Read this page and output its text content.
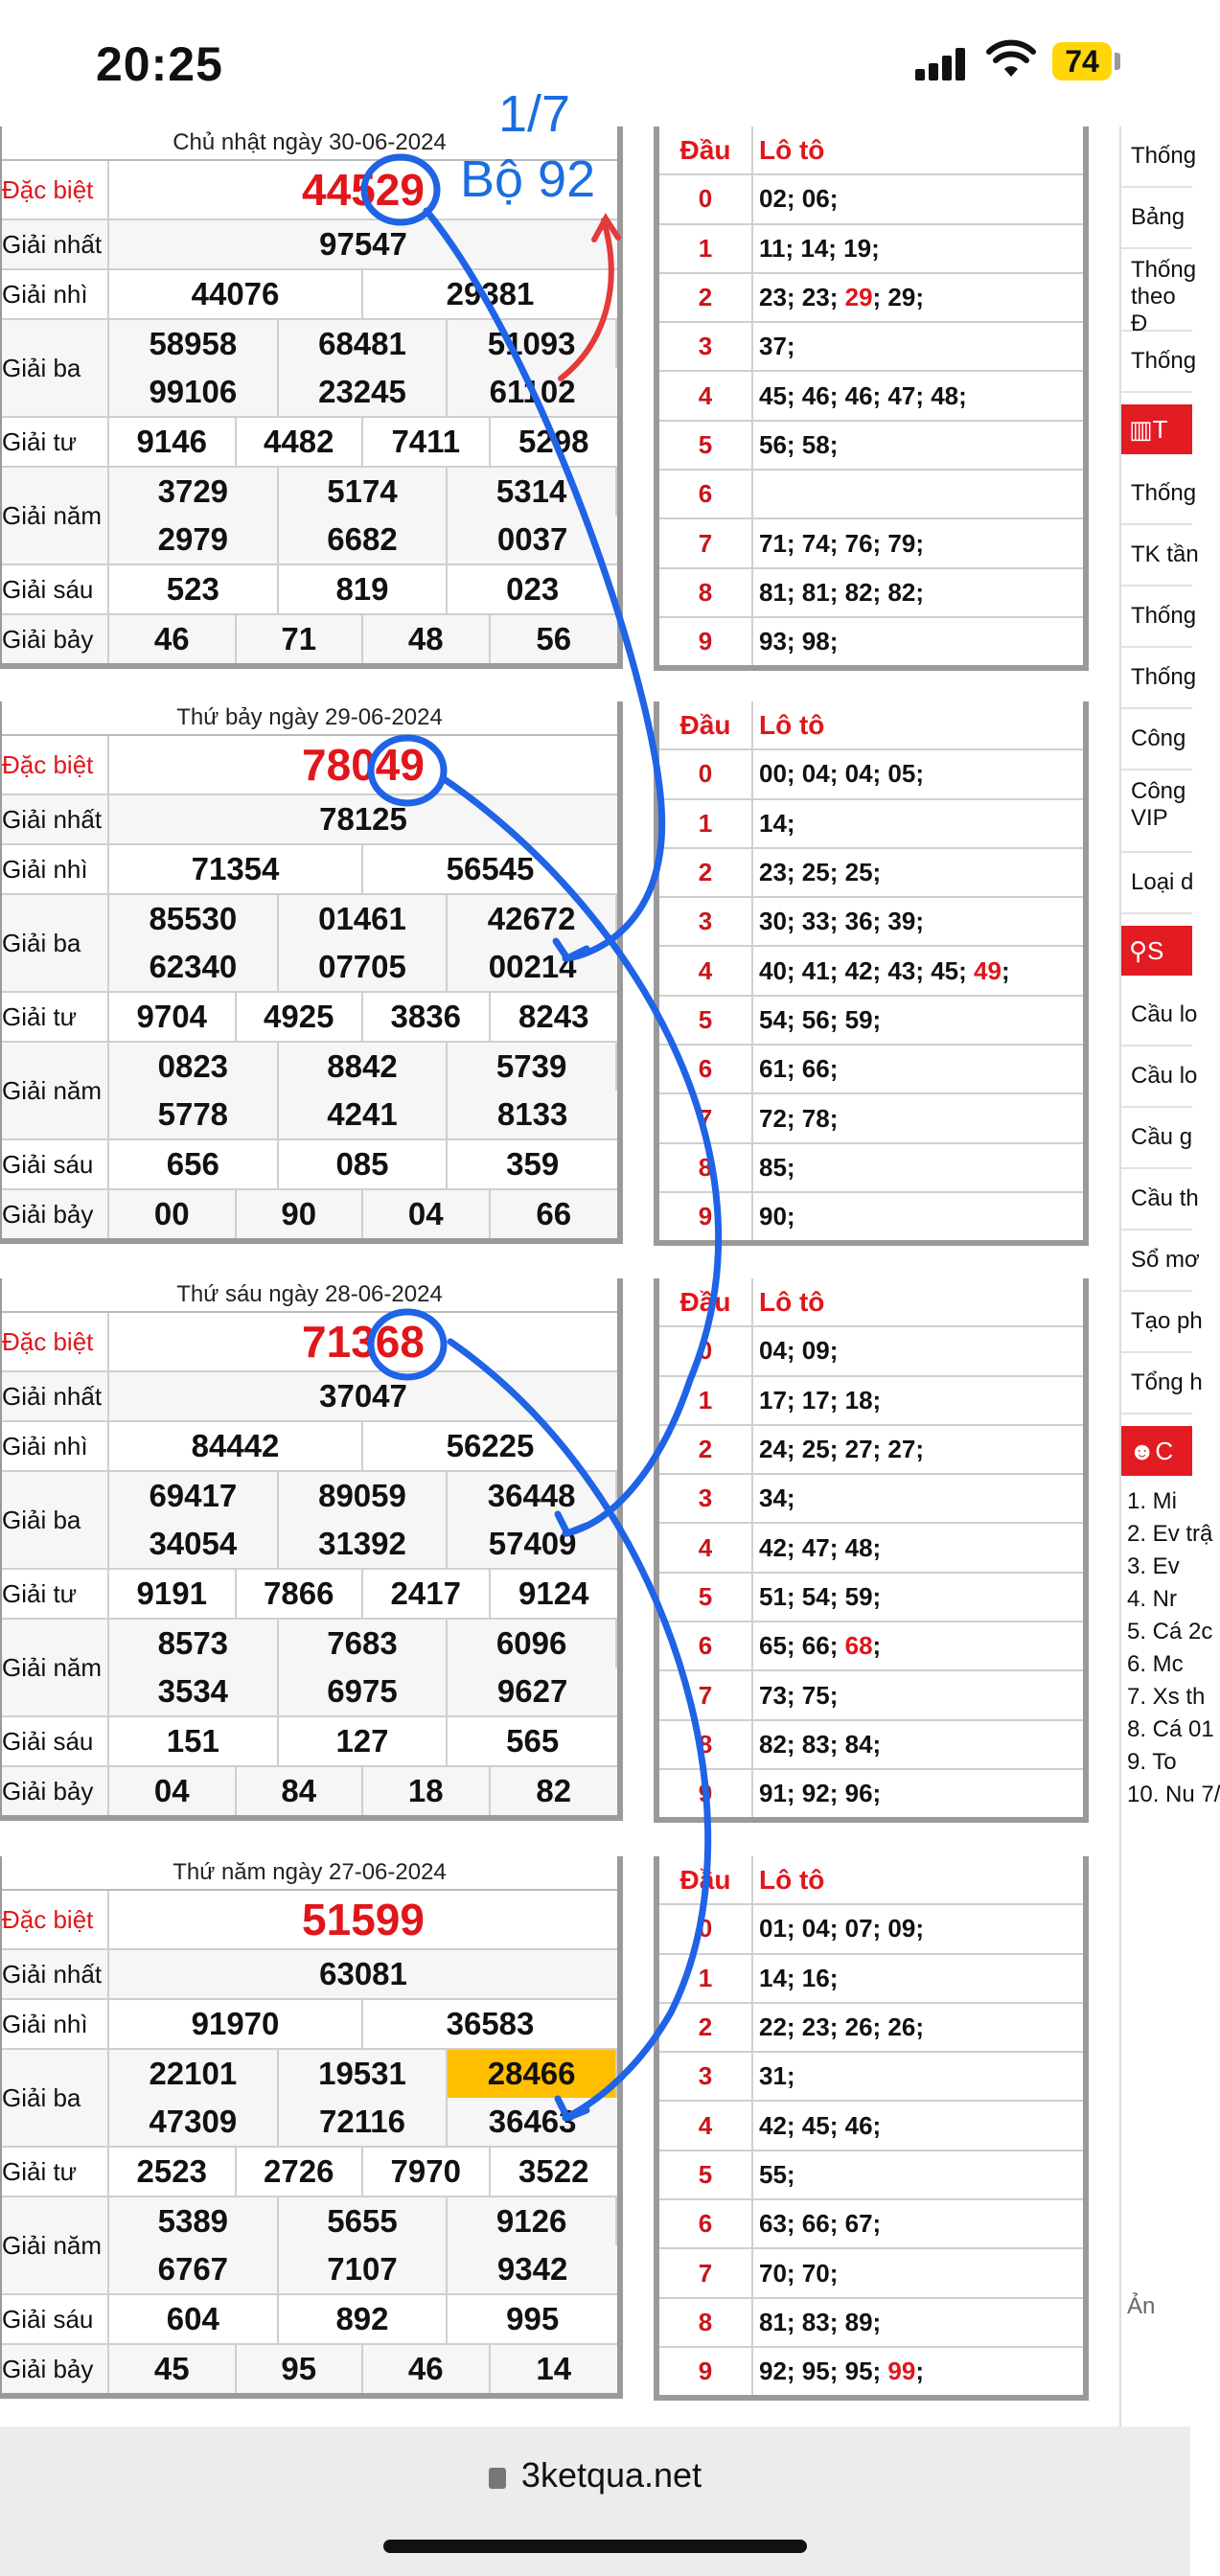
20:25	74
Chủ nhật ngày 30-06-2024
Đặc biệt	44529
Giải nhất	97547
Giải nhì	44076	29381
Giải ba
58958	68481	51093
99106	23245	61102
Giải tư	9146	4482	7411	5298
Giải năm
3729	5174	5314
2979	6682	0037
Giải sáu	523	819	023
Giải bảy	46	71	48	56
Thứ bảy ngày 29-06-2024
Đặc biệt	78049
Giải nhất	78125
Giải nhì	71354	56545
Giải ba
85530	01461	42672
62340	07705	00214
Giải tư	9704	4925	3836	8243
Giải năm
0823	8842	5739
5778	4241	8133
Giải sáu	656	085	359
Giải bảy	00	90	04	66
Thứ sáu ngày 28-06-2024
Đặc biệt	71368
Giải nhất	37047
Giải nhì	84442	56225
Giải ba
69417	89059	36448
34054	31392	57409
Giải tư	9191	7866	2417	9124
Giải năm
8573	7683	6096
3534	6975	9627
Giải sáu	151	127	565
Giải bảy	04	84	18	82
Thứ năm ngày 27-06-2024
Đặc biệt	51599
Giải nhất	63081
Giải nhì	91970	36583
Giải ba
22101	19531	28466
47309	72116	36463
Giải tư	2523	2726	7970	3522
Giải năm
5389	5655	9126
6767	7107	9342
Giải sáu	604	892	995
Giải bảy	45	95	46	14
Đầu	Lô tô
0	02; 06;
1	11; 14; 19;
2	23; 23; 29 ; 29;
3	37;
4	45; 46; 46; 47; 48;
5	56; 58;
6
7	71; 74; 76; 79;
8	81; 81; 82; 82;
9	93; 98;
Đầu	Lô tô
0	00; 04; 04; 05;
1	14;
2	23; 25; 25;
3	30; 33; 36; 39;
4	40; 41; 42; 43; 45; 49 ;
5	54; 56; 59;
6	61; 66;
7	72; 78;
8	85;
9	90;
Đầu	Lô tô
0	04; 09;
1	17; 17; 18;
2	24; 25; 27; 27;
3	34;
4	42; 47; 48;
5	51; 54; 59;
6	65; 66; 68 ;
7	73; 75;
8	82; 83; 84;
9	91; 92; 96;
Đầu	Lô tô
0	01; 04; 07; 09;
1	14; 16;
2	22; 23; 26; 26;
3	31;
4	42; 45; 46;
5	55;
6	63; 66; 67;
7	70; 70;
8	81; 83; 89;
9	92; 95; 95; 99 ;
Thống
Bảng
Thống theo Đ
Thống
▥ T
Thống
TK tần
Thống
Thống
Công
Công VIP
Loại d
⚲ S
Cầu lo
Cầu lo
Cầu g
Cầu th
Sổ mơ
Tạo ph
Tổng h
☻ C
1. Mi
2. Ev trậ
3. Ev
4. Nr
5. Cá 2c
6. Mc
7. Xs th
8. Cá 01
9. To
10. Nu 7/
Ản
1/7
Bộ 92
3ketqua.net
